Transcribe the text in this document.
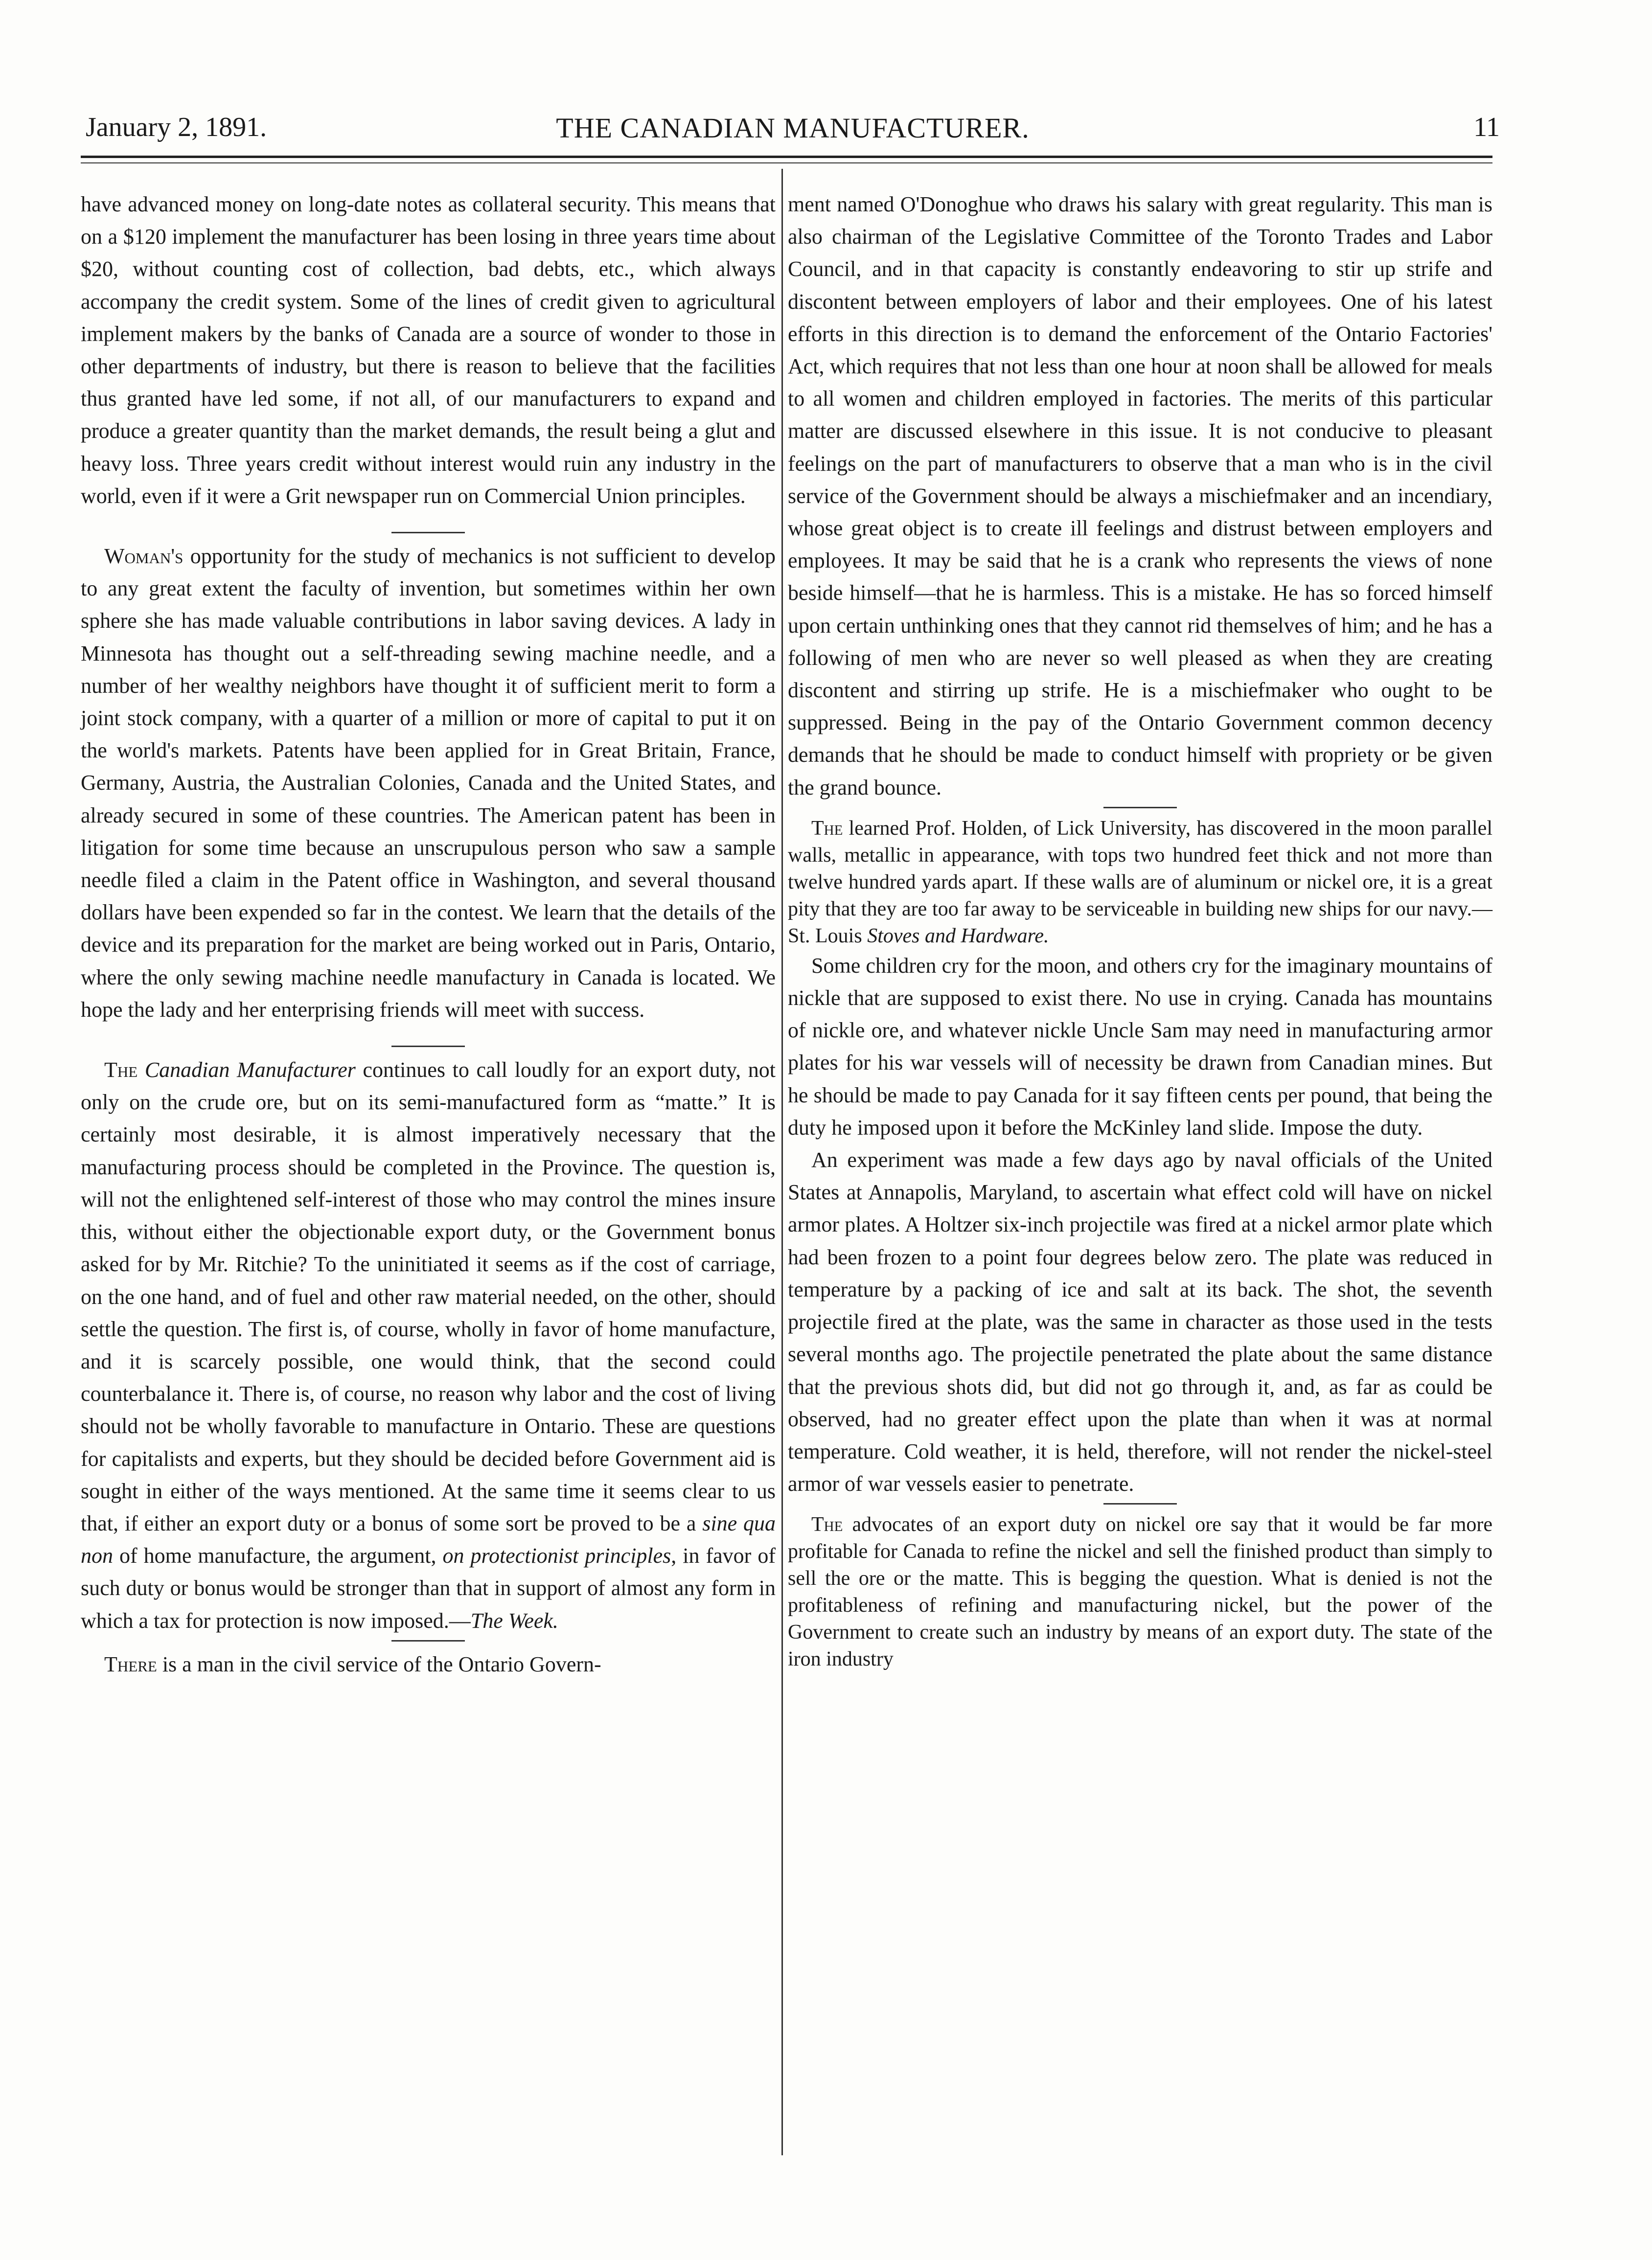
January 2, 1891.	THE CANADIAN MANUFACTURER.	11

have advanced money on long-date notes as collateral security. This means that on a $120 implement the manufacturer has been losing in three years time about $20, without counting cost of collection, bad debts, etc., which always accompany the credit system. Some of the lines of credit given to agricultural implement makers by the banks of Canada are a source of wonder to those in other departments of industry, but there is reason to believe that the facilities thus granted have led some, if not all, of our manufacturers to expand and produce a greater quantity than the market demands, the result being a glut and heavy loss. Three years credit without interest would ruin any industry in the world, even if it were a Grit newspaper run on Commercial Union principles.

Woman's opportunity for the study of mechanics is not sufficient to develop to any great extent the faculty of invention, but sometimes within her own sphere she has made valuable contributions in labor saving devices. A lady in Minnesota has thought out a self-threading sewing machine needle, and a number of her wealthy neighbors have thought it of sufficient merit to form a joint stock company, with a quarter of a million or more of capital to put it on the world's markets. Patents have been applied for in Great Britain, France, Germany, Austria, the Australian Colonies, Canada and the United States, and already secured in some of these countries. The American patent has been in litigation for some time because an unscrupulous person who saw a sample needle filed a claim in the Patent office in Washington, and several thousand dollars have been expended so far in the contest. We learn that the details of the device and its preparation for the market are being worked out in Paris, Ontario, where the only sewing machine needle manufactury in Canada is located. We hope the lady and her enterprising friends will meet with success.

The Canadian Manufacturer continues to call loudly for an export duty, not only on the crude ore, but on its semi-manufactured form as “matte.” It is certainly most desirable, it is almost imperatively necessary that the manufacturing process should be completed in the Province. The question is, will not the enlightened self-interest of those who may control the mines insure this, without either the objectionable export duty, or the Government bonus asked for by Mr. Ritchie? To the uninitiated it seems as if the cost of carriage, on the one hand, and of fuel and other raw material needed, on the other, should settle the question. The first is, of course, wholly in favor of home manufacture, and it is scarcely possible, one would think, that the second could counterbalance it. There is, of course, no reason why labor and the cost of living should not be wholly favorable to manufacture in Ontario. These are questions for capitalists and experts, but they should be decided before Government aid is sought in either of the ways mentioned. At the same time it seems clear to us that, if either an export duty or a bonus of some sort be proved to be a sine qua non of home manufacture, the argument, on protectionist principles, in favor of such duty or bonus would be stronger than that in support of almost any form in which a tax for protection is now imposed.—The Week.

There is a man in the civil service of the Ontario Govern-

ment named O'Donoghue who draws his salary with great regularity. This man is also chairman of the Legislative Committee of the Toronto Trades and Labor Council, and in that capacity is constantly endeavoring to stir up strife and discontent between employers of labor and their employees. One of his latest efforts in this direction is to demand the enforcement of the Ontario Factories' Act, which requires that not less than one hour at noon shall be allowed for meals to all women and children employed in factories. The merits of this particular matter are discussed elsewhere in this issue. It is not conducive to pleasant feelings on the part of manufacturers to observe that a man who is in the civil service of the Government should be always a mischiefmaker and an incendiary, whose great object is to create ill feelings and distrust between employers and employees. It may be said that he is a crank who represents the views of none beside himself—that he is harmless. This is a mistake. He has so forced himself upon certain unthinking ones that they cannot rid themselves of him; and he has a following of men who are never so well pleased as when they are creating discontent and stirring up strife. He is a mischiefmaker who ought to be suppressed. Being in the pay of the Ontario Government common decency demands that he should be made to conduct himself with propriety or be given the grand bounce.

The learned Prof. Holden, of Lick University, has discovered in the moon parallel walls, metallic in appearance, with tops two hundred feet thick and not more than twelve hundred yards apart. If these walls are of aluminum or nickel ore, it is a great pity that they are too far away to be serviceable in building new ships for our navy.—St. Louis Stoves and Hardware.

Some children cry for the moon, and others cry for the imaginary mountains of nickle that are supposed to exist there. No use in crying. Canada has mountains of nickle ore, and whatever nickle Uncle Sam may need in manufacturing armor plates for his war vessels will of necessity be drawn from Canadian mines. But he should be made to pay Canada for it say fifteen cents per pound, that being the duty he imposed upon it before the McKinley land slide. Impose the duty.

An experiment was made a few days ago by naval officials of the United States at Annapolis, Maryland, to ascertain what effect cold will have on nickel armor plates. A Holtzer six-inch projectile was fired at a nickel armor plate which had been frozen to a point four degrees below zero. The plate was reduced in temperature by a packing of ice and salt at its back. The shot, the seventh projectile fired at the plate, was the same in character as those used in the tests several months ago. The projectile penetrated the plate about the same distance that the previous shots did, but did not go through it, and, as far as could be observed, had no greater effect upon the plate than when it was at normal temperature. Cold weather, it is held, therefore, will not render the nickel-steel armor of war vessels easier to penetrate.

The advocates of an export duty on nickel ore say that it would be far more profitable for Canada to refine the nickel and sell the finished product than simply to sell the ore or the matte. This is begging the question. What is denied is not the profitableness of refining and manufacturing nickel, but the power of the Government to create such an industry by means of an export duty. The state of the iron industry
